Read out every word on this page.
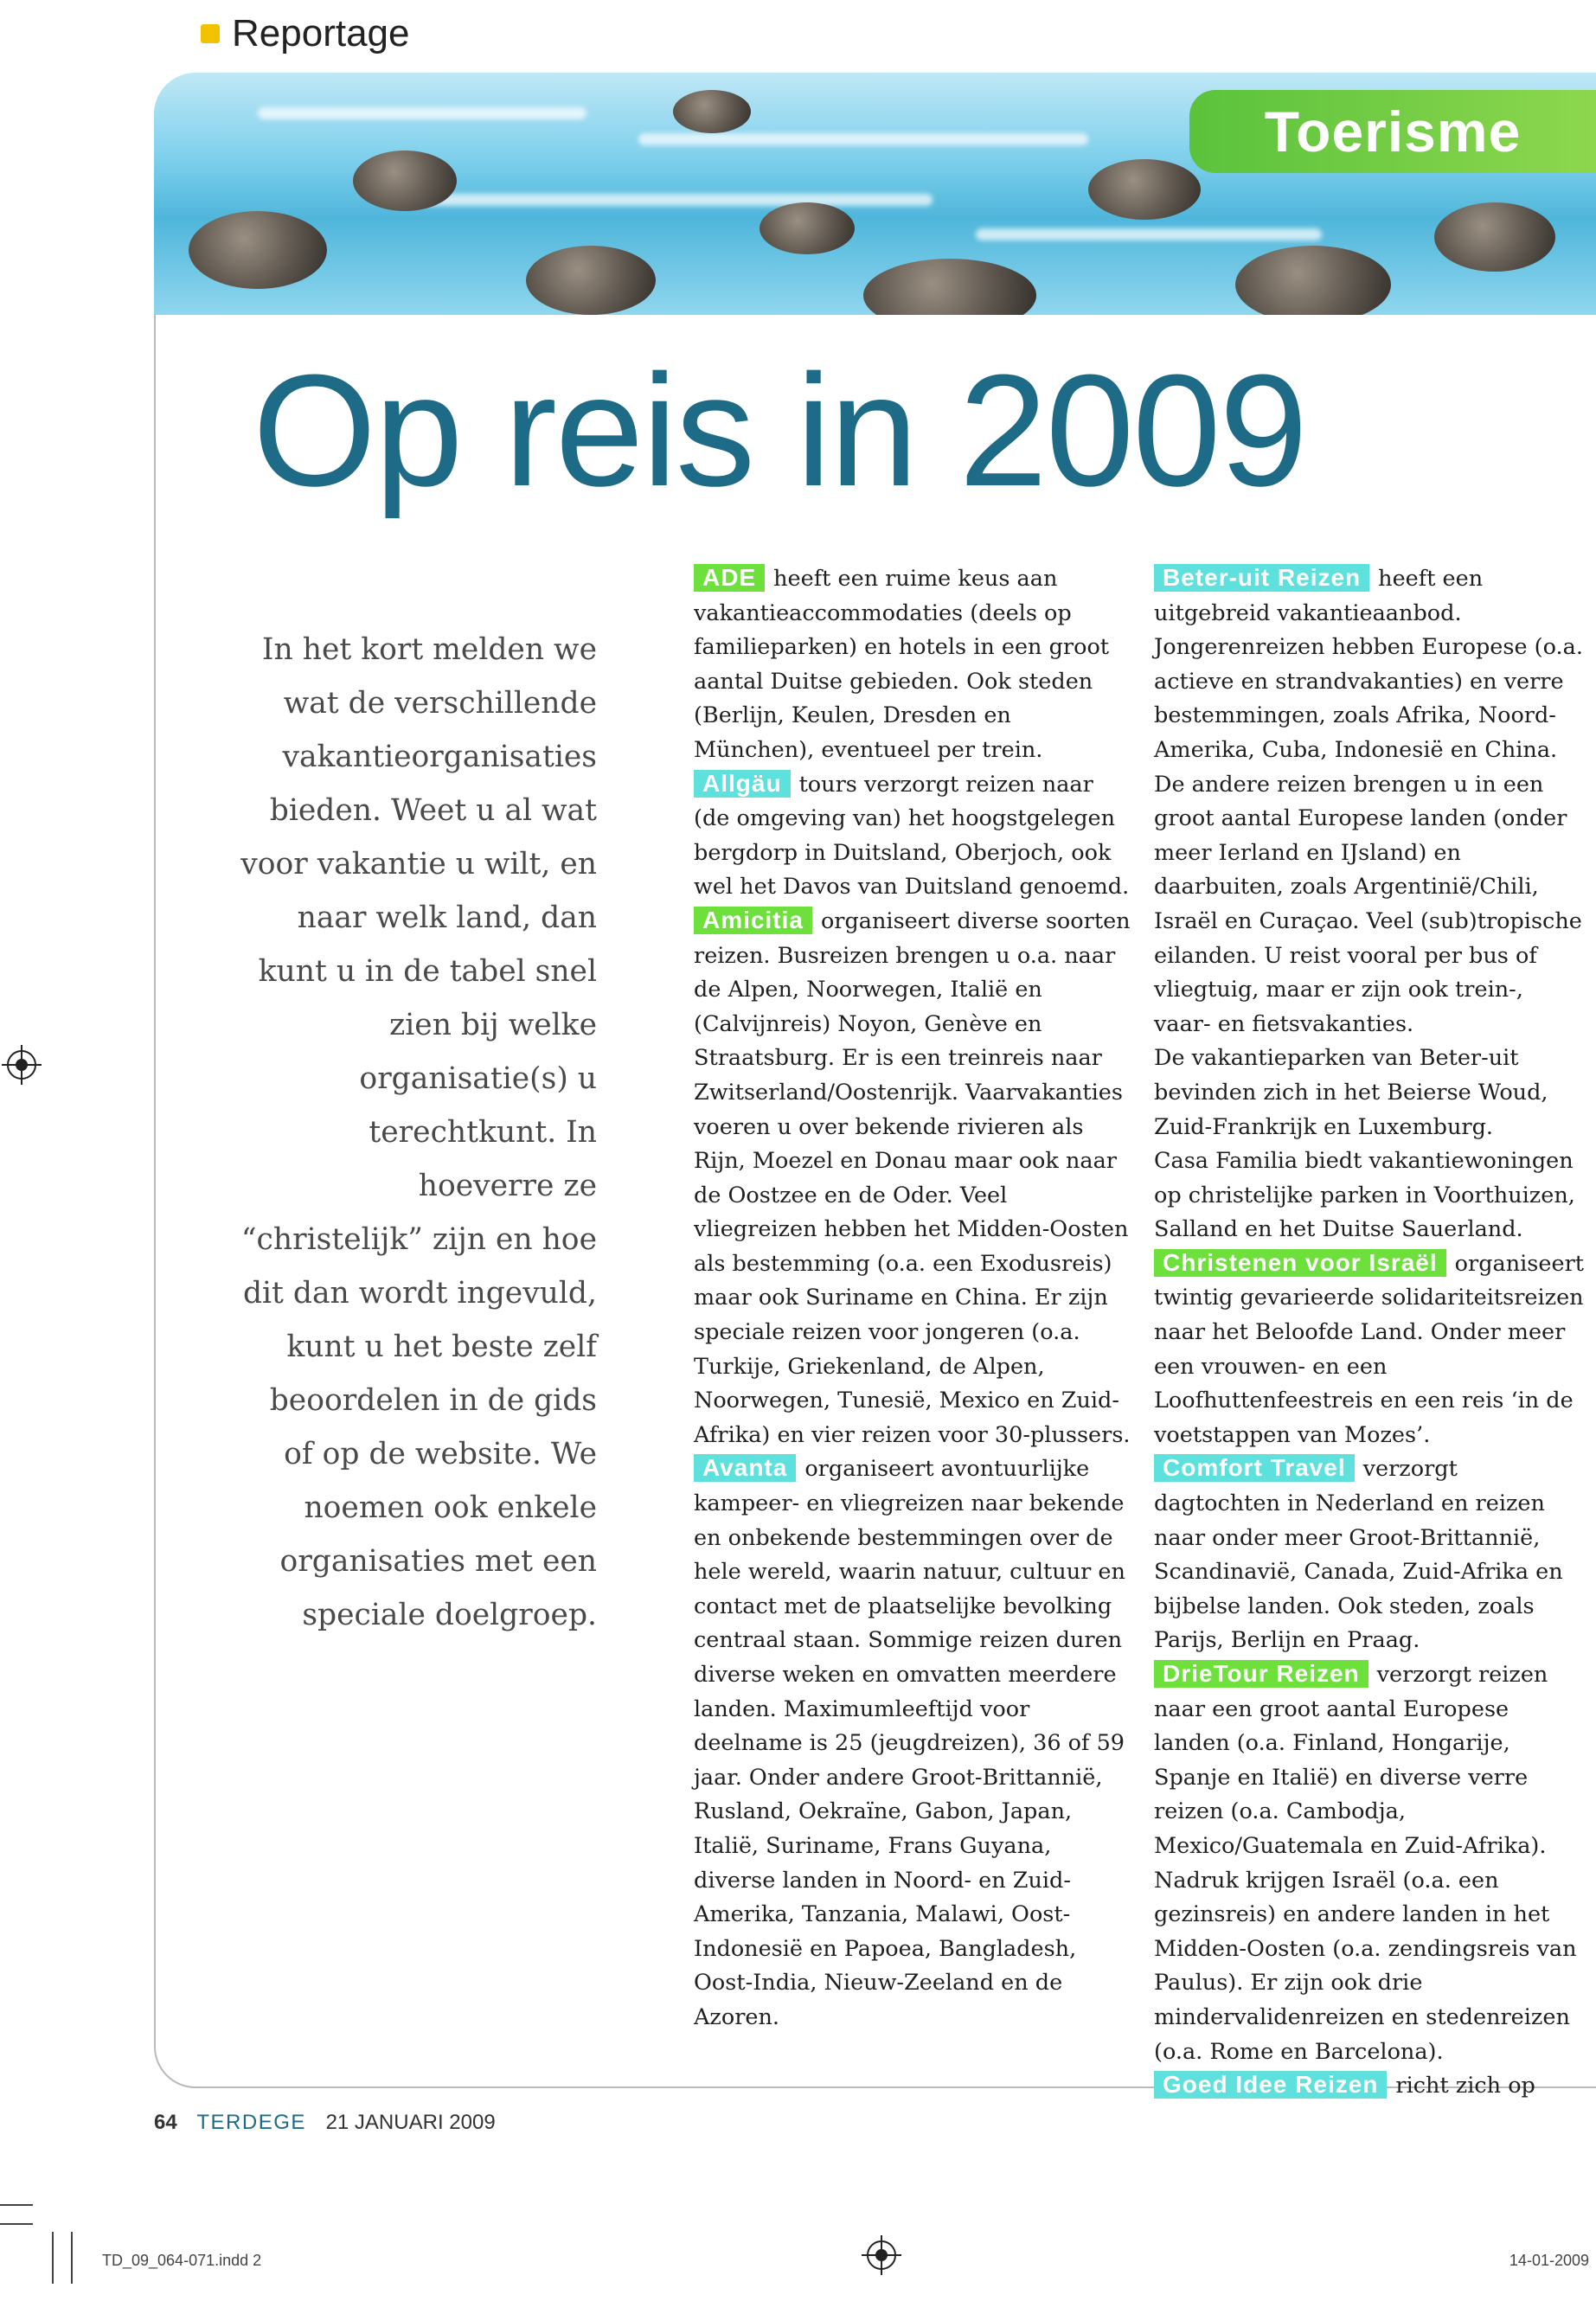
Reportage
Toerisme
Op reis in 2009
In het kort melden we wat de verschillende vakantieorganisaties bieden. Weet u al wat voor vakantie u wilt, en naar welk land, dan kunt u in de tabel snel zien bij welke organisatie(s) u terechtkunt. In hoeverre ze “christelijk” zijn en hoe dit dan wordt ingevuld, kunt u het beste zelf beoordelen in de gids of op de website. We noemen ook enkele organisaties met een speciale doelgroep.

ADE heeft een ruime keus aan vakantieaccommodaties (deels op familieparken) en hotels in een groot aantal Duitse gebieden. Ook steden (Berlijn, Keulen, Dresden en München), eventueel per trein.

Allgäu tours verzorgt reizen naar (de omgeving van) het hoogstgelegen bergdorp in Duitsland, Oberjoch, ook wel het Davos van Duitsland genoemd.

Amicitia organiseert diverse soorten reizen. Busreizen brengen u o.a. naar de Alpen, Noorwegen, Italië en (Calvijnreis) Noyon, Genève en Straatsburg. Er is een treinreis naar Zwitserland/Oostenrijk. Vaarvakanties voeren u over bekende rivieren als Rijn, Moezel en Donau maar ook naar de Oostzee en de Oder. Veel vliegreizen hebben het Midden-Oosten als bestemming (o.a. een Exodusreis) maar ook Suriname en China. Er zijn speciale reizen voor jongeren (o.a. Turkije, Griekenland, de Alpen, Noorwegen, Tunesië, Mexico en Zuid-Afrika) en vier reizen voor 30-plussers.

Avanta organiseert avontuurlijke kampeer- en vliegreizen naar bekende en onbekende bestemmingen over de hele wereld, waarin natuur, cultuur en contact met de plaatselijke bevolking centraal staan. Sommige reizen duren diverse weken en omvatten meerdere landen. Maximumleeftijd voor deelname is 25 (jeugdreizen), 36 of 59 jaar. Onder andere Groot-Brittannië, Rusland, Oekraïne, Gabon, Japan, Italië, Suriname, Frans Guyana, diverse landen in Noord- en Zuid-Amerika, Tanzania, Malawi, Oost-Indonesië en Papoea, Bangladesh, Oost-India, Nieuw-Zeeland en de Azoren.

Beter-uit Reizen heeft een uitgebreid vakantieaanbod. Jongerenreizen hebben Europese (o.a. actieve en strandvakanties) en verre bestemmingen, zoals Afrika, Noord-Amerika, Cuba, Indonesië en China. De andere reizen brengen u in een groot aantal Europese landen (onder meer Ierland en IJsland) en daarbuiten, zoals Argentinië/Chili, Israël en Curaçao. Veel (sub)tropische eilanden. U reist vooral per bus of vliegtuig, maar er zijn ook trein-, vaar- en fietsvakanties.

De vakantieparken van Beter-uit bevinden zich in het Beierse Woud, Zuid-Frankrijk en Luxemburg.

Casa Familia biedt vakantiewoningen op christelijke parken in Voorthuizen, Salland en het Duitse Sauerland.

Christenen voor Israël organiseert twintig gevarieerde solidariteitsreizen naar het Beloofde Land. Onder meer een vrouwen- en een Loofhuttenfeestreis en een reis ‘in de voetstappen van Mozes’.

Comfort Travel verzorgt dagtochten in Nederland en reizen naar onder meer Groot-Brittannië, Scandinavië, Canada, Zuid-Afrika en bijbelse landen. Ook steden, zoals Parijs, Berlijn en Praag.

DrieTour Reizen verzorgt reizen naar een groot aantal Europese landen (o.a. Finland, Hongarije, Spanje en Italië) en diverse verre reizen (o.a. Cambodja, Mexico/Guatemala en Zuid-Afrika). Nadruk krijgen Israël (o.a. een gezinsreis) en andere landen in het Midden-Oosten (o.a. zendingsreis van Paulus). Er zijn ook drie mindervalidenreizen en stedenreizen (o.a. Rome en Barcelona).

Goed Idee Reizen richt zich op

64 TERDEGE 21 JANUARI 2009
TD_09_064-071.indd 2	14-01-2009
